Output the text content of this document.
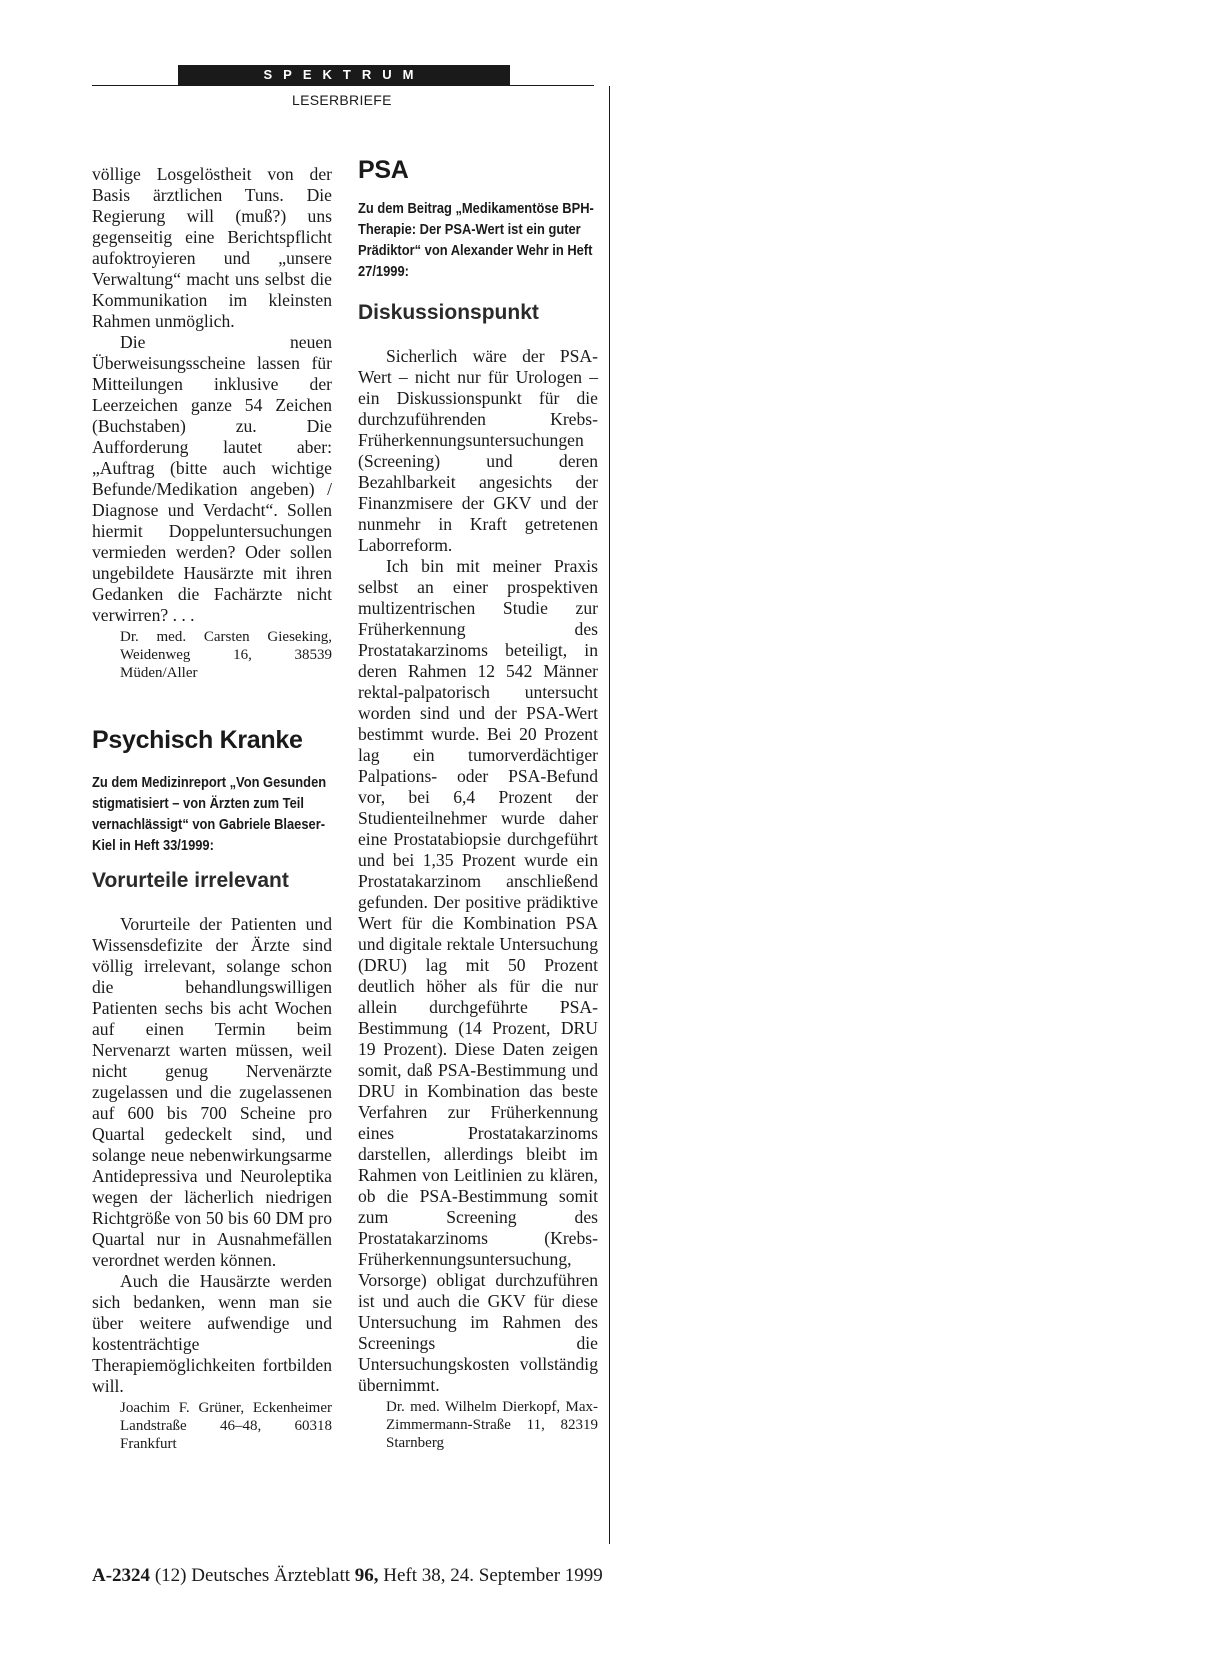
SPEKTRUM
LESERBRIEFE

völlige Losgelöstheit von der Basis ärztlichen Tuns. Die Regierung will (muß?) uns gegenseitig eine Berichtspflicht aufoktroyieren und „unsere Verwaltung“ macht uns selbst die Kommunikation im kleinsten Rahmen unmöglich.

Die neuen Überweisungsscheine lassen für Mitteilungen inklusive der Leerzeichen ganze 54 Zeichen (Buchstaben) zu. Die Aufforderung lautet aber: „Auftrag (bitte auch wichtige Befunde/Medikation angeben) / Diagnose und Verdacht“. Sollen hiermit Doppeluntersuchungen vermieden werden? Oder sollen ungebildete Hausärzte mit ihren Gedanken die Fachärzte nicht verwirren? . . .

Dr. med. Carsten Gieseking, Weidenweg 16, 38539 Müden/Aller
Psychisch Kranke
Zu dem Medizinreport „Von Gesunden stigmatisiert – von Ärzten zum Teil vernachlässigt“ von Gabriele Blaeser-Kiel in Heft 33/1999:
Vorurteile irrelevant

Vorurteile der Patienten und Wissensdefizite der Ärzte sind völlig irrelevant, solange schon die behandlungswilligen Patienten sechs bis acht Wochen auf einen Termin beim Nervenarzt warten müssen, weil nicht genug Nervenärzte zugelassen und die zugelassenen auf 600 bis 700 Scheine pro Quartal gedeckelt sind, und solange neue nebenwirkungsarme Antidepressiva und Neuroleptika wegen der lächerlich niedrigen Richtgröße von 50 bis 60 DM pro Quartal nur in Ausnahmefällen verordnet werden können.

Auch die Hausärzte werden sich bedanken, wenn man sie über weitere aufwendige und kostenträchtige Therapiemöglichkeiten fortbilden will.

Joachim F. Grüner, Eckenheimer Landstraße 46–48, 60318 Frankfurt
PSA
Zu dem Beitrag „Medikamentöse BPH-Therapie: Der PSA-Wert ist ein guter Prädiktor“ von Alexander Wehr in Heft 27/1999:
Diskussionspunkt

Sicherlich wäre der PSA-Wert – nicht nur für Urologen – ein Diskussionspunkt für die durchzuführenden Krebs-Früherkennungsuntersuchungen (Screening) und deren Bezahlbarkeit angesichts der Finanzmisere der GKV und der nunmehr in Kraft getretenen Laborreform.

Ich bin mit meiner Praxis selbst an einer prospektiven multizentrischen Studie zur Früherkennung des Prostatakarzinoms beteiligt, in deren Rahmen 12 542 Männer rektal-palpatorisch untersucht worden sind und der PSA-Wert bestimmt wurde. Bei 20 Prozent lag ein tumorverdächtiger Palpations- oder PSA-Befund vor, bei 6,4 Prozent der Studienteilnehmer wurde daher eine Prostatabiopsie durchgeführt und bei 1,35 Prozent wurde ein Prostatakarzinom anschließend gefunden. Der positive prädiktive Wert für die Kombination PSA und digitale rektale Untersuchung (DRU) lag mit 50 Prozent deutlich höher als für die nur allein durchgeführte PSA-Bestimmung (14 Prozent, DRU 19 Prozent). Diese Daten zeigen somit, daß PSA-Bestimmung und DRU in Kombination das beste Verfahren zur Früherkennung eines Prostatakarzinoms darstellen, allerdings bleibt im Rahmen von Leitlinien zu klären, ob die PSA-Bestimmung somit zum Screening des Prostatakarzinoms (Krebs-Früherkennungsuntersuchung, Vorsorge) obligat durchzuführen ist und auch die GKV für diese Untersuchung im Rahmen des Screenings die Untersuchungskosten vollständig übernimmt.

Dr. med. Wilhelm Dierkopf, Max-Zimmermann-Straße 11, 82319 Starnberg
A-2324 (12) Deutsches Ärzteblatt 96, Heft 38, 24. September 1999
